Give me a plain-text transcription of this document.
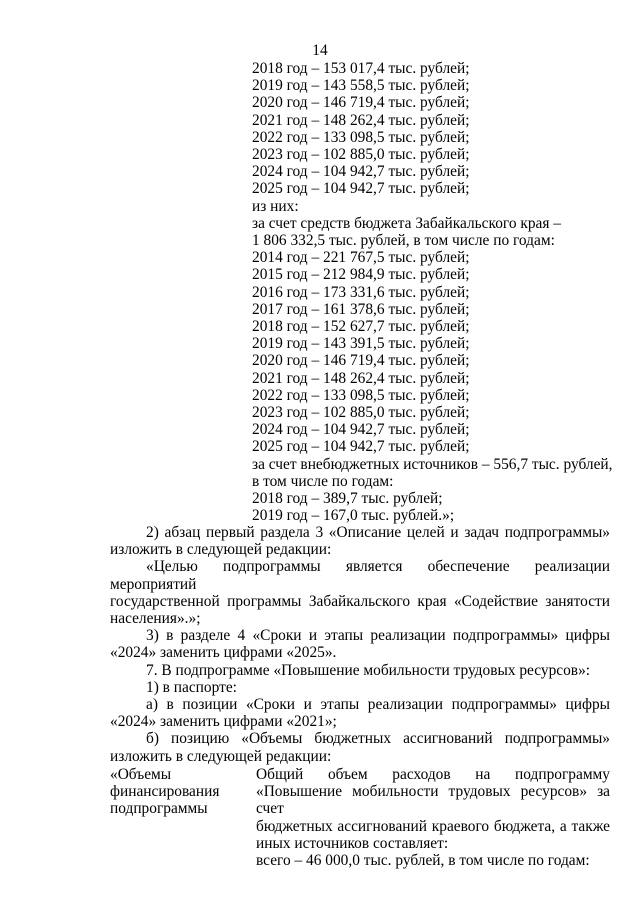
14
2018 год – 153 017,4 тыс. рублей;
2019 год – 143 558,5 тыс. рублей;
2020 год – 146 719,4 тыс. рублей;
2021 год – 148 262,4 тыс. рублей;
2022 год – 133 098,5 тыс. рублей;
2023 год – 102 885,0 тыс. рублей;
2024 год – 104 942,7 тыс. рублей;
2025 год – 104 942,7 тыс. рублей;
из них:
за счет средств бюджета Забайкальского края –
1 806 332,5 тыс. рублей, в том числе по годам:
2014 год – 221 767,5 тыс. рублей;
2015 год – 212 984,9 тыс. рублей;
2016 год – 173 331,6 тыс. рублей;
2017 год – 161 378,6 тыс. рублей;
2018 год – 152 627,7 тыс. рублей;
2019 год – 143 391,5 тыс. рублей;
2020 год – 146 719,4 тыс. рублей;
2021 год – 148 262,4 тыс. рублей;
2022 год – 133 098,5 тыс. рублей;
2023 год – 102 885,0 тыс. рублей;
2024 год – 104 942,7 тыс. рублей;
2025 год – 104 942,7 тыс. рублей;
за счет внебюджетных источников – 556,7 тыс. рублей,
в том числе по годам:
2018 год – 389,7 тыс. рублей;
2019 год – 167,0 тыс. рублей.»;

2) абзац первый раздела 3 «Описание целей и задач подпрограммы»

изложить в следующей редакции:

«Целью подпрограммы является обеспечение реализации мероприятий

государственной программы Забайкальского края «Содействие занятости

населения».»;

3) в разделе 4 «Сроки и этапы реализации подпрограммы» цифры

«2024» заменить цифрами «2025».

7. В подпрограмме «Повышение мобильности трудовых ресурсов»:

1) в паспорте:

а) в позиции «Сроки и этапы реализации подпрограммы» цифры

«2024» заменить цифрами «2021»;

б) позицию «Объемы бюджетных ассигнований подпрограммы»

изложить в следующей редакции:

«Объемы
финансирования
подпрограммы

Общий объем расходов на подпрограмму

«Повышение мобильности трудовых ресурсов» за счет

бюджетных ассигнований краевого бюджета, а также

иных источников составляет:

всего – 46 000,0 тыс. рублей, в том числе по годам:
